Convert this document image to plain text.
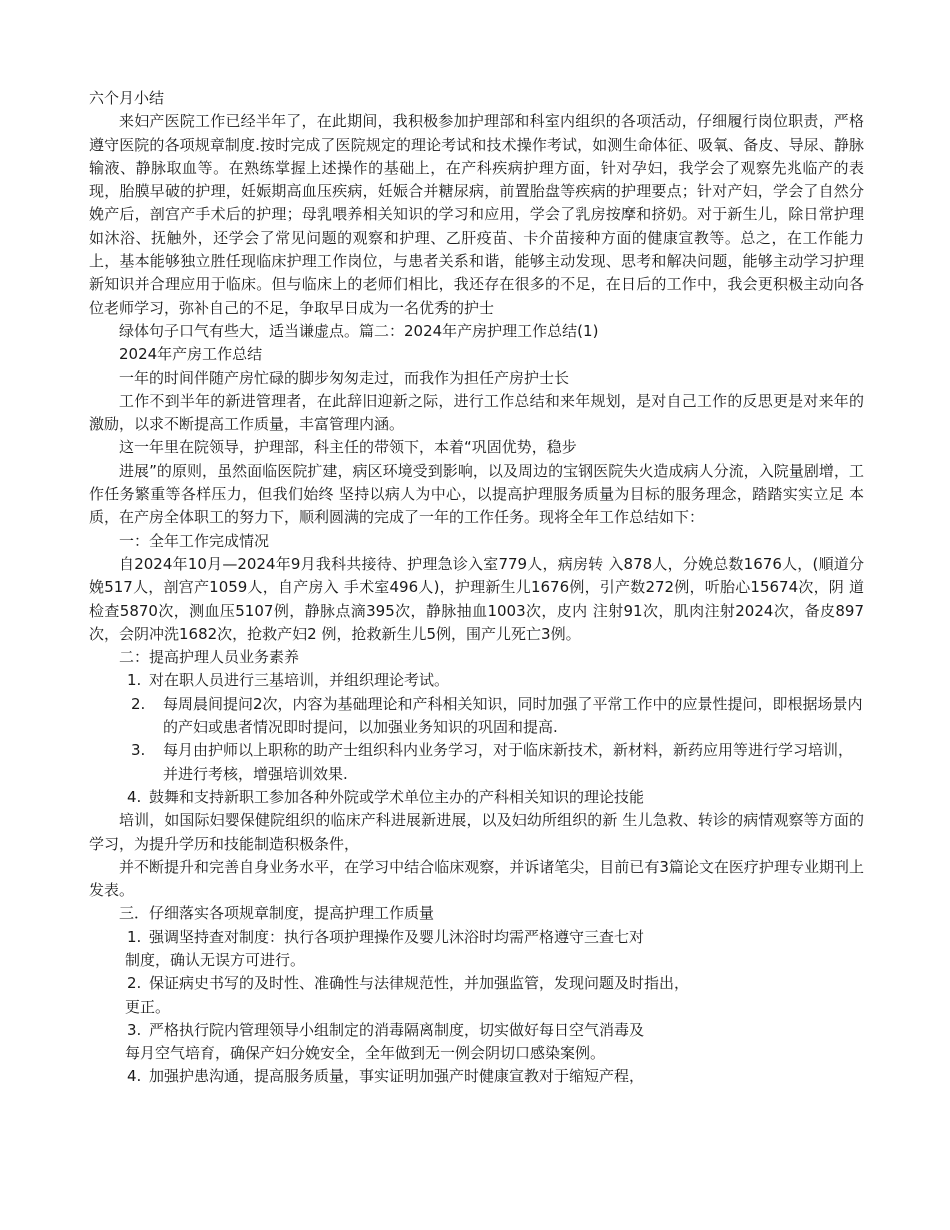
六个月小结

来妇产医院工作已经半年了，在此期间，我积极参加护理部和科室内组织的各项活动，仔细履行岗位职责，严格遵守医院的各项规章制度.按时完成了医院规定的理论考试和技术操作考试，如测生命体征、吸氧、备皮、导尿、静脉输液、静脉取血等。在熟练掌握上述操作的基础上，在产科疾病护理方面，针对孕妇，我学会了观察先兆临产的表现，胎膜早破的护理，妊娠期高血压疾病，妊娠合并糖尿病，前置胎盘等疾病的护理要点；针对产妇，学会了自然分娩产后，剖宫产手术后的护理；母乳喂养相关知识的学习和应用，学会了乳房按摩和挤奶。对于新生儿，除日常护理如沐浴、抚触外，还学会了常见问题的观察和护理、乙肝疫苗、卡介苗接种方面的健康宣教等。总之，在工作能力上，基本能够独立胜任现临床护理工作岗位，与患者关系和谐，能够主动发现、思考和解决问题，能够主动学习护理新知识并合理应用于临床。但与临床上的老师们相比，我还存在很多的不足，在日后的工作中，我会更积极主动向各位老师学习，弥补自己的不足，争取早日成为一名优秀的护士

绿体句子口气有些大，适当谦虚点。篇二：2024年产房护理工作总结(1)

2024年产房工作总结

一年的时间伴随产房忙碌的脚步匆匆走过，而我作为担任产房护士长

工作不到半年的新进管理者，在此辞旧迎新之际，进行工作总结和来年规划，是对自己工作的反思更是对来年的激励，以求不断提高工作质量，丰富管理内涵。

这一年里在院领导，护理部，科主任的带领下，本着“巩固优势，稳步

进展”的原则，虽然面临医院扩建，病区环境受到影响，以及周边的宝钢医院失火造成病人分流，入院量剧增，工作任务繁重等各样压力，但我们始终 坚持以病人为中心，以提高护理服务质量为目标的服务理念，踏踏实实立足 本质，在产房全体职工的努力下，顺利圆满的完成了一年的工作任务。现将全年工作总结如下：

一：全年工作完成情况

自2024年10月—2024年9月我科共接待、护理急诊入室779人，病房转 入878人，分娩总数1676人，(順道分娩517人，剖宫产1059人，自产房入 手术室496人)，护理新生儿1676例，引产数272例，听胎心15674次，阴 道检查5870次，测血压5107例，静脉点滴395次，静脉抽血1003次，皮内 注射91次，肌肉注射2024次，备皮897次，会阴冲洗1682次，抢救产妇2 例，抢救新生儿5例，围产儿死亡3例。

二：提高护理人员业务素养

1. 对在职人员进行三基培训，并组织理论考试。
2. 每周晨间提问2次，内容为基础理论和产科相关知识，同时加强了平常工作中的应景性提问，即根据场景内的产妇或患者情况即时提问，以加强业务知识的巩固和提高.
3. 每月由护师以上职称的助产士组织科内业务学习，对于临床新技术，新材料，新药应用等进行学习培训，并进行考核，增强培训效果.
4. 鼓舞和支持新职工参加各种外院或学术单位主办的产科相关知识的理论技能

培训，如国际妇婴保健院组织的临床产科进展新进展，以及妇幼所组织的新 生儿急救、转诊的病情观察等方面的学习，为提升学历和技能制造积极条件，

并不断提升和完善自身业务水平，在学习中结合临床观察，并诉诸笔尖，目前已有3篇论文在医疗护理专业期刊上发表。

三．仔细落实各项规章制度，提高护理工作质量

1. 强调坚持查对制度：执行各项护理操作及婴儿沐浴时均需严格遵守三查七对

制度，确认无误方可进行。

2. 保证病史书写的及时性、准确性与法律规范性，并加强监管，发现问题及时指出，

更正。

3. 严格执行院内管理领导小组制定的消毒隔离制度，切实做好每日空气消毒及

每月空气培育，确保产妇分娩安全，全年做到无一例会阴切口感染案例。

4. 加强护患沟通，提高服务质量，事实证明加强产时健康宣教对于缩短产程，
